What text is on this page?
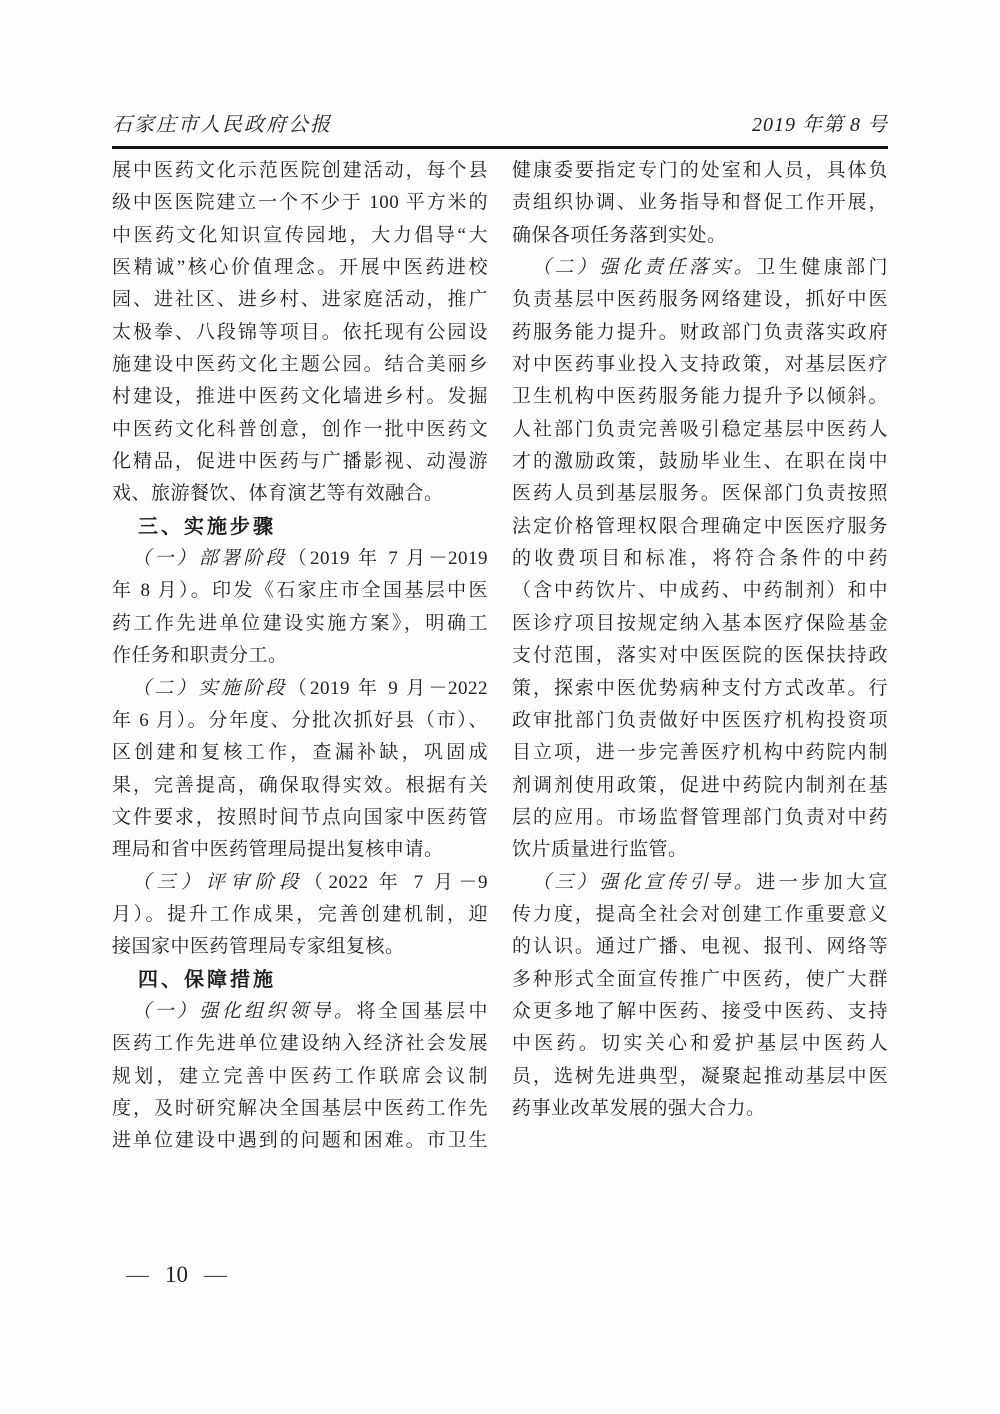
石家庄市人民政府公报	2019 年第 8 号
展中医药文化示范医院创建活动，每个县
级中医医院建立一个不少于 100 平方米的
中医药文化知识宣传园地，大力倡导“大
医精诚”核心价值理念。开展中医药进校
园、进社区、进乡村、进家庭活动，推广
太极拳、八段锦等项目。依托现有公园设
施建设中医药文化主题公园。结合美丽乡
村建设，推进中医药文化墙进乡村。发掘
中医药文化科普创意，创作一批中医药文
化精品，促进中医药与广播影视、动漫游
戏、旅游餐饮、体育演艺等有效融合。
三、实施步骤
（一）部署阶段（2019 年 7 月－2019
年 8 月）。印发《石家庄市全国基层中医
药工作先进单位建设实施方案》，明确工
作任务和职责分工。
（二）实施阶段（2019 年 9 月－2022
年 6 月）。分年度、分批次抓好县（市）、
区创建和复核工作，查漏补缺，巩固成
果，完善提高，确保取得实效。根据有关
文件要求，按照时间节点向国家中医药管
理局和省中医药管理局提出复核申请。
（三）评审阶段（2022 年 7 月－9
月）。提升工作成果，完善创建机制，迎
接国家中医药管理局专家组复核。
四、保障措施
（一）强化组织领导。将全国基层中
医药工作先进单位建设纳入经济社会发展
规划，建立完善中医药工作联席会议制
度，及时研究解决全国基层中医药工作先
进单位建设中遇到的问题和困难。市卫生
健康委要指定专门的处室和人员，具体负
责组织协调、业务指导和督促工作开展，
确保各项任务落到实处。
（二）强化责任落实。卫生健康部门
负责基层中医药服务网络建设，抓好中医
药服务能力提升。财政部门负责落实政府
对中医药事业投入支持政策，对基层医疗
卫生机构中医药服务能力提升予以倾斜。
人社部门负责完善吸引稳定基层中医药人
才的激励政策，鼓励毕业生、在职在岗中
医药人员到基层服务。医保部门负责按照
法定价格管理权限合理确定中医医疗服务
的收费项目和标准，将符合条件的中药
（含中药饮片、中成药、中药制剂）和中
医诊疗项目按规定纳入基本医疗保险基金
支付范围，落实对中医医院的医保扶持政
策，探索中医优势病种支付方式改革。行
政审批部门负责做好中医医疗机构投资项
目立项，进一步完善医疗机构中药院内制
剂调剂使用政策，促进中药院内制剂在基
层的应用。市场监督管理部门负责对中药
饮片质量进行监管。
（三）强化宣传引导。进一步加大宣
传力度，提高全社会对创建工作重要意义
的认识。通过广播、电视、报刊、网络等
多种形式全面宣传推广中医药，使广大群
众更多地了解中医药、接受中医药、支持
中医药。切实关心和爱护基层中医药人
员，选树先进典型，凝聚起推动基层中医
药事业改革发展的强大合力。
— 10 —
